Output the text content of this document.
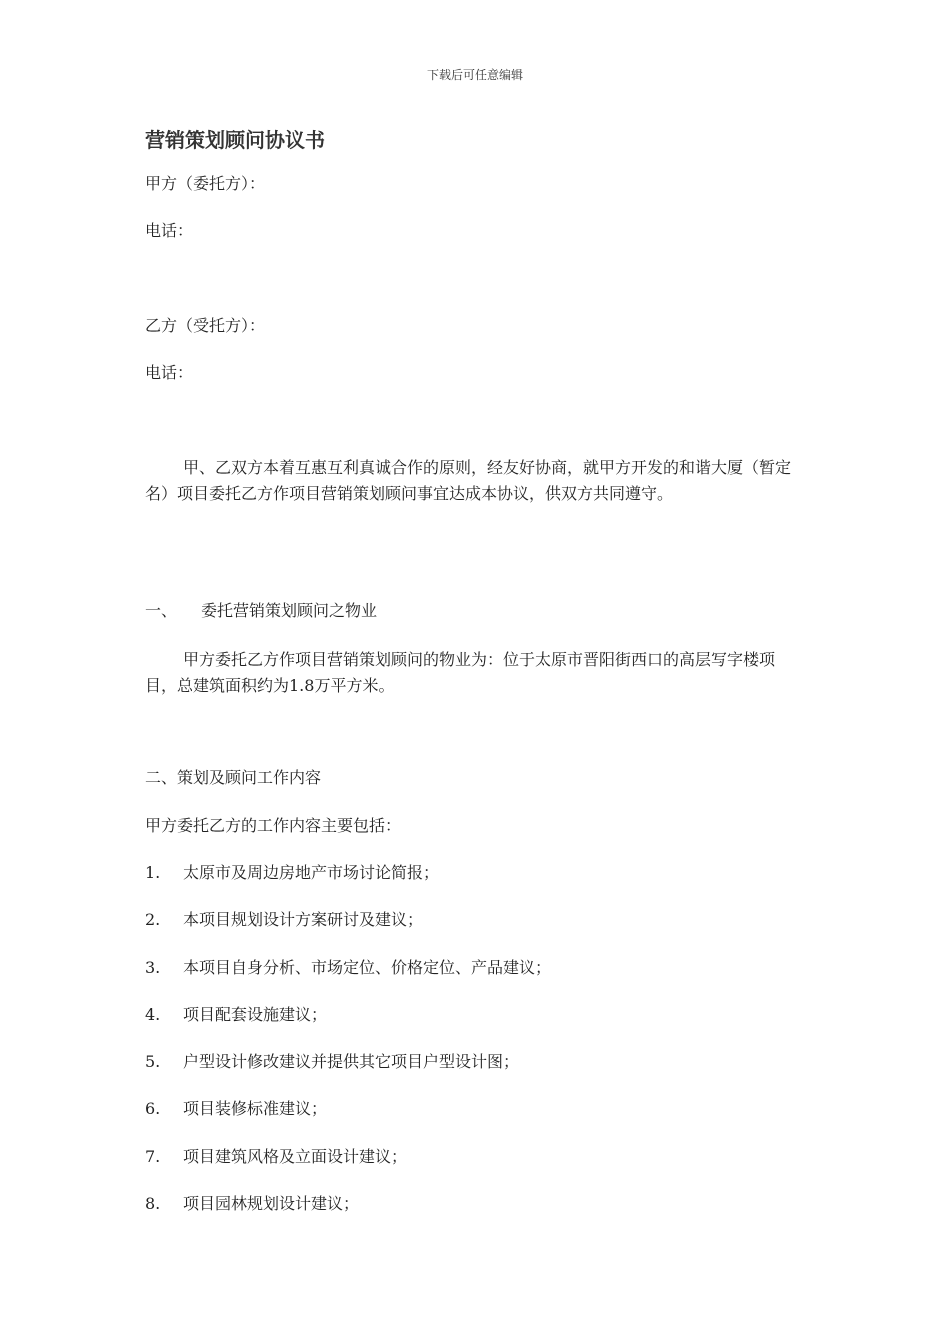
下载后可任意编辑
营销策划顾问协议书
甲方（委托方）：
电话：
乙方（受托方）：
电话：
甲、乙双方本着互惠互利真诚合作的原则，经友好协商，就甲方开发的和谐大厦（暂定名）项目委托乙方作项目营销策划顾问事宜达成本协议，供双方共同遵守。
一、 委托营销策划顾问之物业
甲方委托乙方作项目营销策划顾问的物业为：位于太原市晋阳街西口的高层写字楼项目，总建筑面积约为1.8万平方米。
二、策划及顾问工作内容
甲方委托乙方的工作内容主要包括：
1. 太原市及周边房地产市场讨论简报；
2. 本项目规划设计方案研讨及建议；
3. 本项目自身分析、市场定位、价格定位、产品建议；
4. 项目配套设施建议；
5. 户型设计修改建议并提供其它项目户型设计图；
6. 项目装修标准建议；
7. 项目建筑风格及立面设计建议；
8. 项目园林规划设计建议；
